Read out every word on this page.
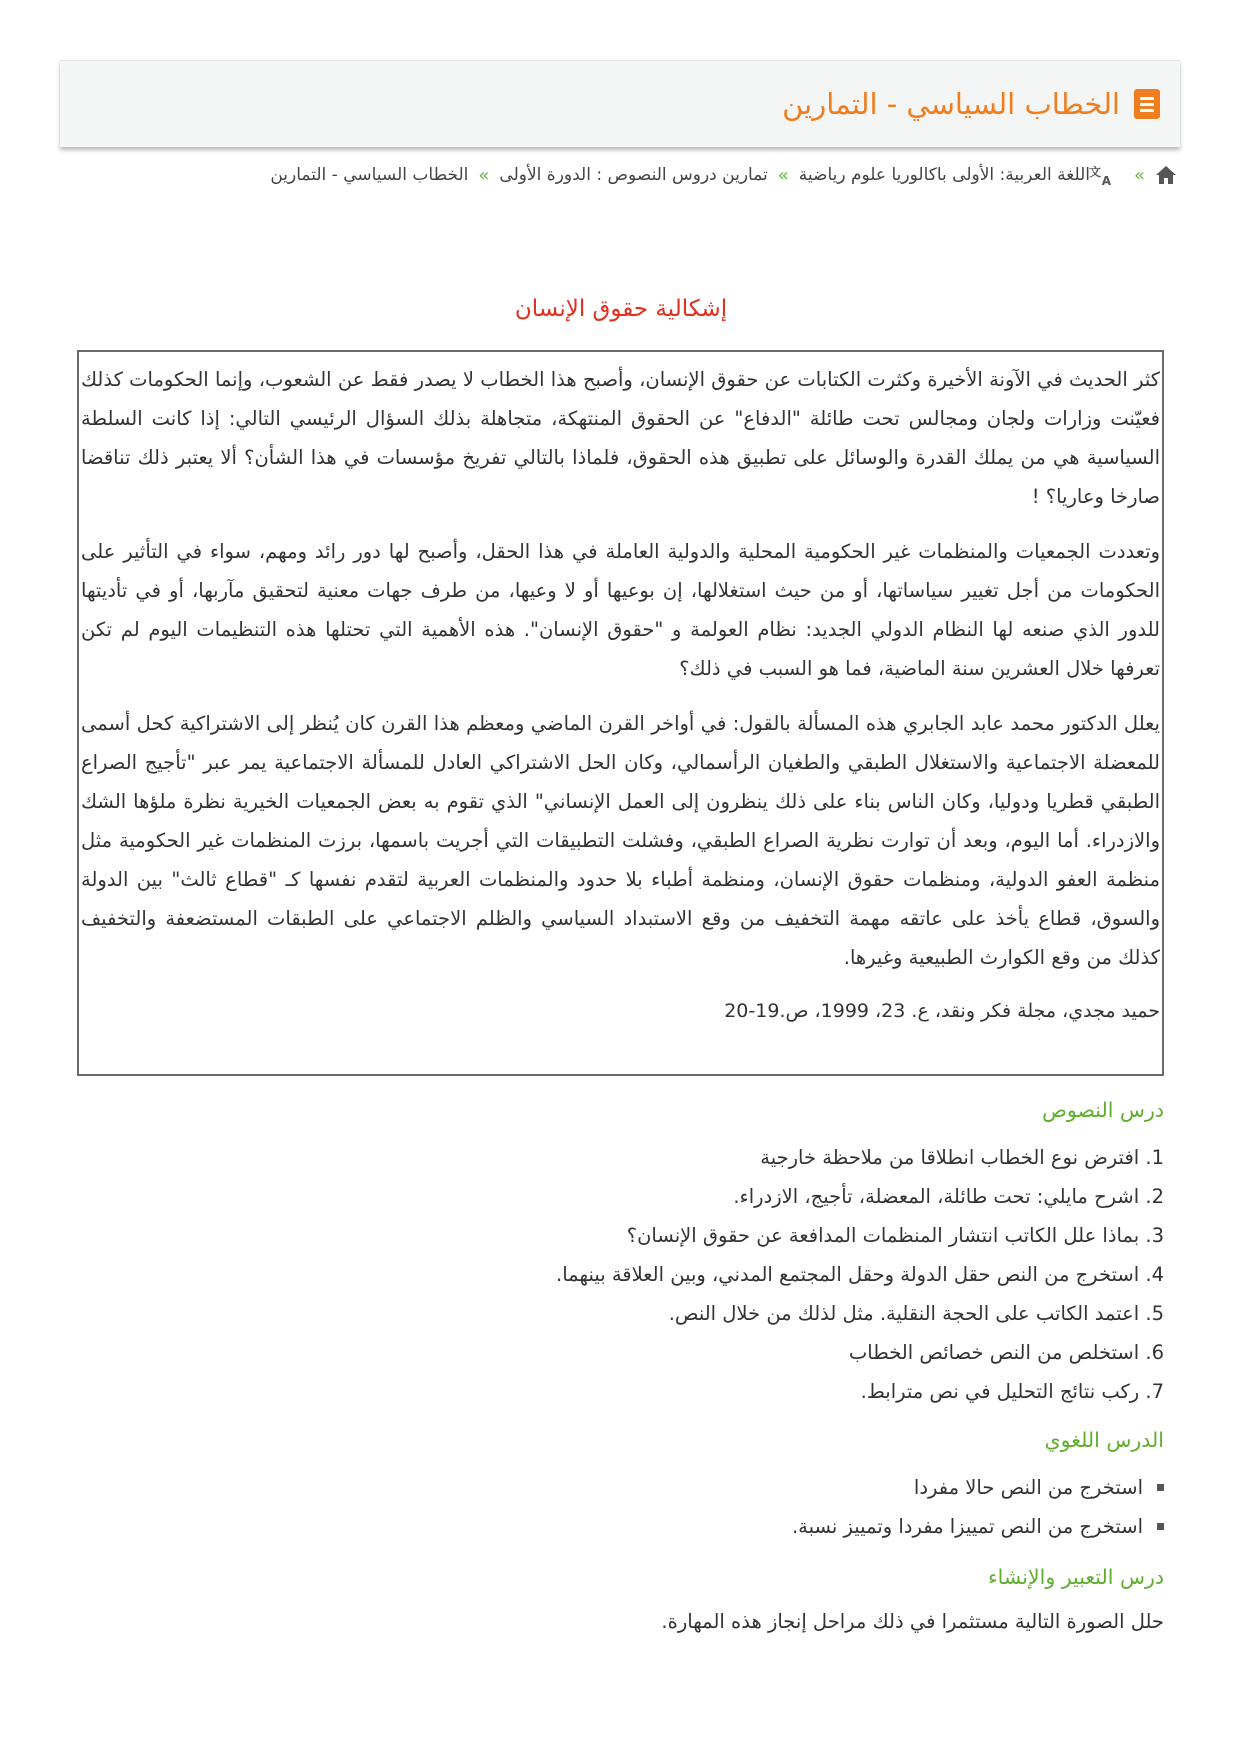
الخطاب السياسي - التمارين
»
文
A
اللغة العربية: الأولى باكالوريا علوم رياضية
»
تمارين دروس النصوص : الدورة الأولى
»
الخطاب السياسي - التمارين
إشكالية حقوق الإنسان

كثر الحديث في الآونة الأخيرة وكثرت الكتابات عن حقوق الإنسان، وأصبح هذا الخطاب لا يصدر فقط عن الشعوب، وإنما الحكومات كذلك فعيّنت وزارات ولجان ومجالس تحت طائلة "الدفاع" عن الحقوق المنتهكة، متجاهلة بذلك السؤال الرئيسي التالي: إذا كانت السلطة السياسية هي من يملك القدرة والوسائل على تطبيق هذه الحقوق، فلماذا بالتالي تفريخ مؤسسات في هذا الشأن؟ ألا يعتبر ذلك تناقضا صارخا وعاريا؟ !

وتعددت الجمعيات والمنظمات غير الحكومية المحلية والدولية العاملة في هذا الحقل، وأصبح لها دور رائد ومهم، سواء في التأثير على الحكومات من أجل تغيير سياساتها، أو من حيث استغلالها، إن بوعيها أو لا وعيها، من طرف جهات معنية لتحقيق مآربها، أو في تأديتها للدور الذي صنعه لها النظام الدولي الجديد: نظام العولمة و "حقوق الإنسان". هذه الأهمية التي تحتلها هذه التنظيمات اليوم لم تكن تعرفها خلال العشرين سنة الماضية، فما هو السبب في ذلك؟

يعلل الدكتور محمد عابد الجابري هذه المسألة بالقول: في أواخر القرن الماضي ومعظم هذا القرن كان يُنظر إلى الاشتراكية كحل أسمى للمعضلة الاجتماعية والاستغلال الطبقي والطغيان الرأسمالي، وكان الحل الاشتراكي العادل للمسألة الاجتماعية يمر عبر "تأجيج الصراع الطبقي قطريا ودوليا، وكان الناس بناء على ذلك ينظرون إلى العمل الإنساني" الذي تقوم به بعض الجمعيات الخيرية نظرة ملؤها الشك والازدراء. أما اليوم، وبعد أن توارت نظرية الصراع الطبقي، وفشلت التطبيقات التي أجريت باسمها، برزت المنظمات غير الحكومية مثل منظمة العفو الدولية، ومنظمات حقوق الإنسان، ومنظمة أطباء بلا حدود والمنظمات العربية لتقدم نفسها كـ "قطاع ثالث" بين الدولة والسوق، قطاع يأخذ على عاتقه مهمة التخفيف من وقع الاستبداد السياسي والظلم الاجتماعي على الطبقات المستضعفة والتخفيف كذلك من وقع الكوارث الطبيعية وغيرها.

حميد مجدي، مجلة فكر ونقد، ع. 23، 1999، ص.19-20
درس النصوص
1. افترض نوع الخطاب انطلاقا من ملاحظة خارجية
2. اشرح مايلي: تحت طائلة، المعضلة، تأجيج، الازدراء.
3. بماذا علل الكاتب انتشار المنظمات المدافعة عن حقوق الإنسان؟
4. استخرج من النص حقل الدولة وحقل المجتمع المدني، وبين العلاقة بينهما.
5. اعتمد الكاتب على الحجة النقلية. مثل لذلك من خلال النص.
6. استخلص من النص خصائص الخطاب
7. ركب نتائج التحليل في نص مترابط.
الدرس اللغوي
استخرج من النص حالا مفردا
استخرج من النص تمييزا مفردا وتمييز نسبة.
درس التعبير والإنشاء
حلل الصورة التالية مستثمرا في ذلك مراحل إنجاز هذه المهارة.
